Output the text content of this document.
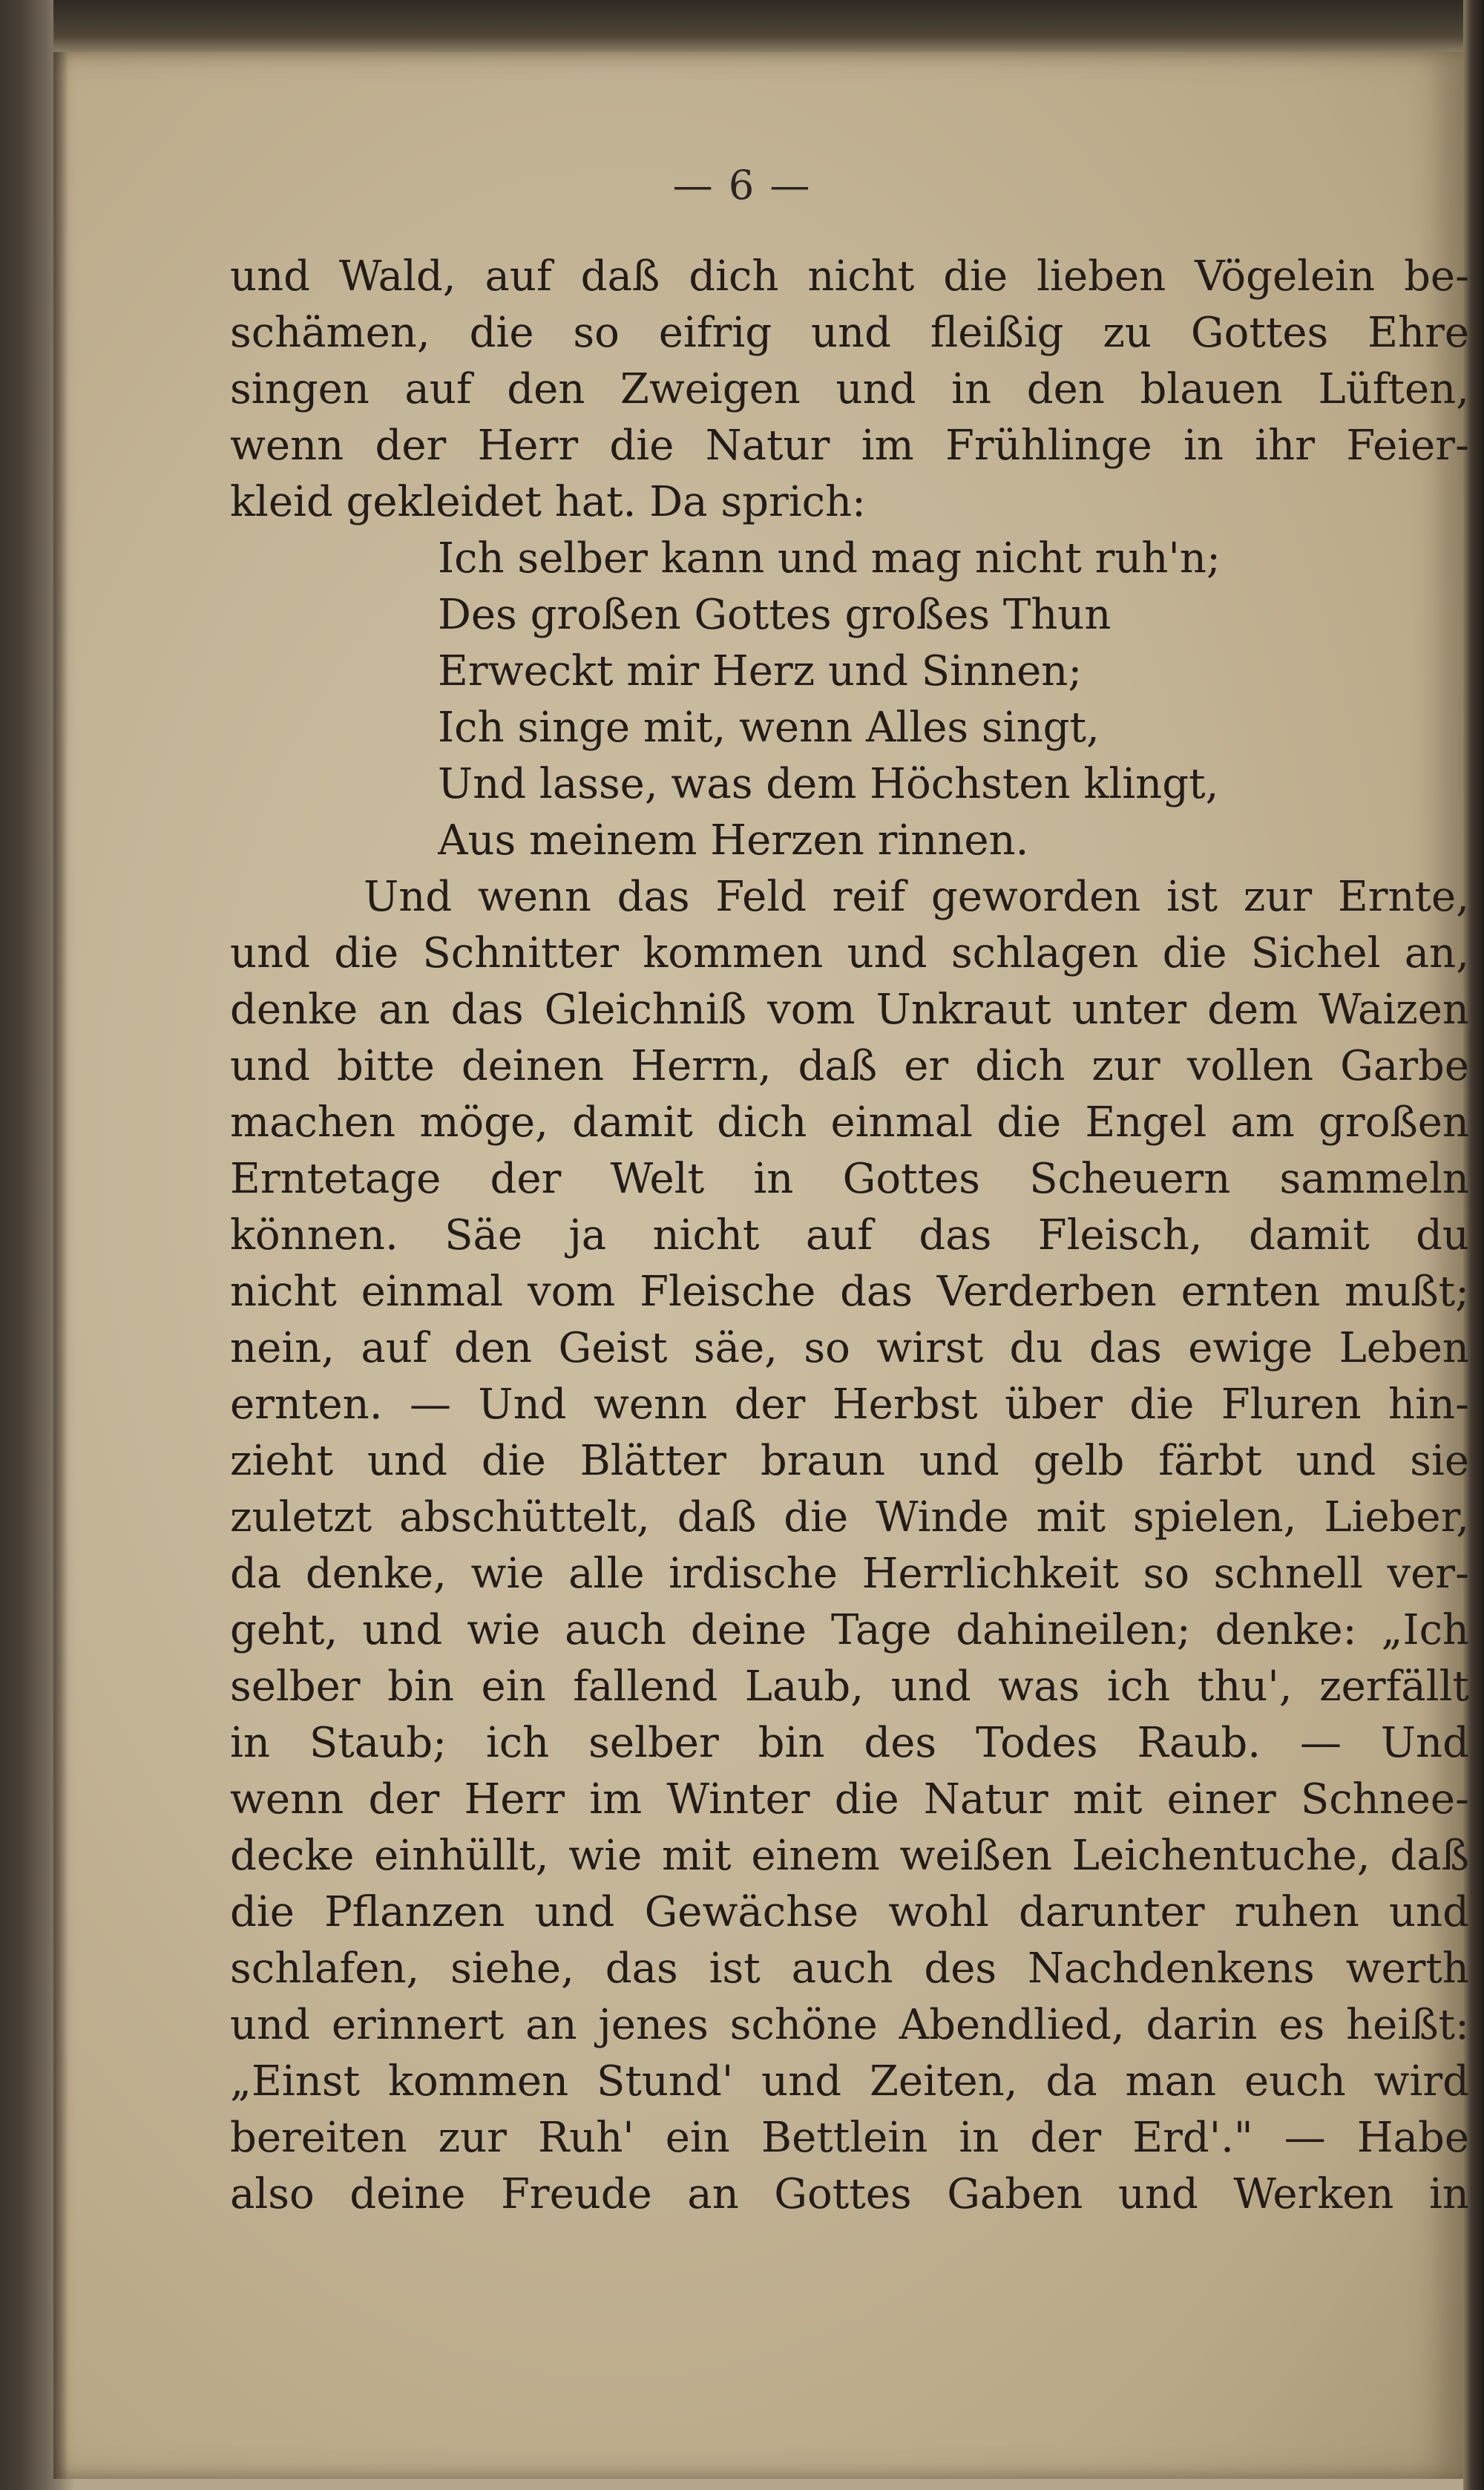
— 6 —
und Wald, auf daß dich nicht die lieben Vögelein be-
schämen, die so eifrig und fleißig zu Gottes Ehre
singen auf den Zweigen und in den blauen Lüften,
wenn der Herr die Natur im Frühlinge in ihr Feier-
kleid gekleidet hat. Da sprich:
Ich selber kann und mag nicht ruh'n;
Des großen Gottes großes Thun
Erweckt mir Herz und Sinnen;
Ich singe mit, wenn Alles singt,
Und lasse, was dem Höchsten klingt,
Aus meinem Herzen rinnen.
Und wenn das Feld reif geworden ist zur Ernte,
und die Schnitter kommen und schlagen die Sichel an,
denke an das Gleichniß vom Unkraut unter dem Waizen
und bitte deinen Herrn, daß er dich zur vollen Garbe
machen möge, damit dich einmal die Engel am großen
Erntetage der Welt in Gottes Scheuern sammeln
können. Säe ja nicht auf das Fleisch, damit du
nicht einmal vom Fleische das Verderben ernten mußt;
nein, auf den Geist säe, so wirst du das ewige Leben
ernten. — Und wenn der Herbst über die Fluren hin-
zieht und die Blätter braun und gelb färbt und sie
zuletzt abschüttelt, daß die Winde mit spielen, Lieber,
da denke, wie alle irdische Herrlichkeit so schnell ver-
geht, und wie auch deine Tage dahineilen; denke: „Ich
selber bin ein fallend Laub, und was ich thu', zerfällt
in Staub; ich selber bin des Todes Raub. — Und
wenn der Herr im Winter die Natur mit einer Schnee-
decke einhüllt, wie mit einem weißen Leichentuche, daß
die Pflanzen und Gewächse wohl darunter ruhen und
schlafen, siehe, das ist auch des Nachdenkens werth
und erinnert an jenes schöne Abendlied, darin es heißt:
„Einst kommen Stund' und Zeiten, da man euch wird
bereiten zur Ruh' ein Bettlein in der Erd'." — Habe
also deine Freude an Gottes Gaben und Werken in
